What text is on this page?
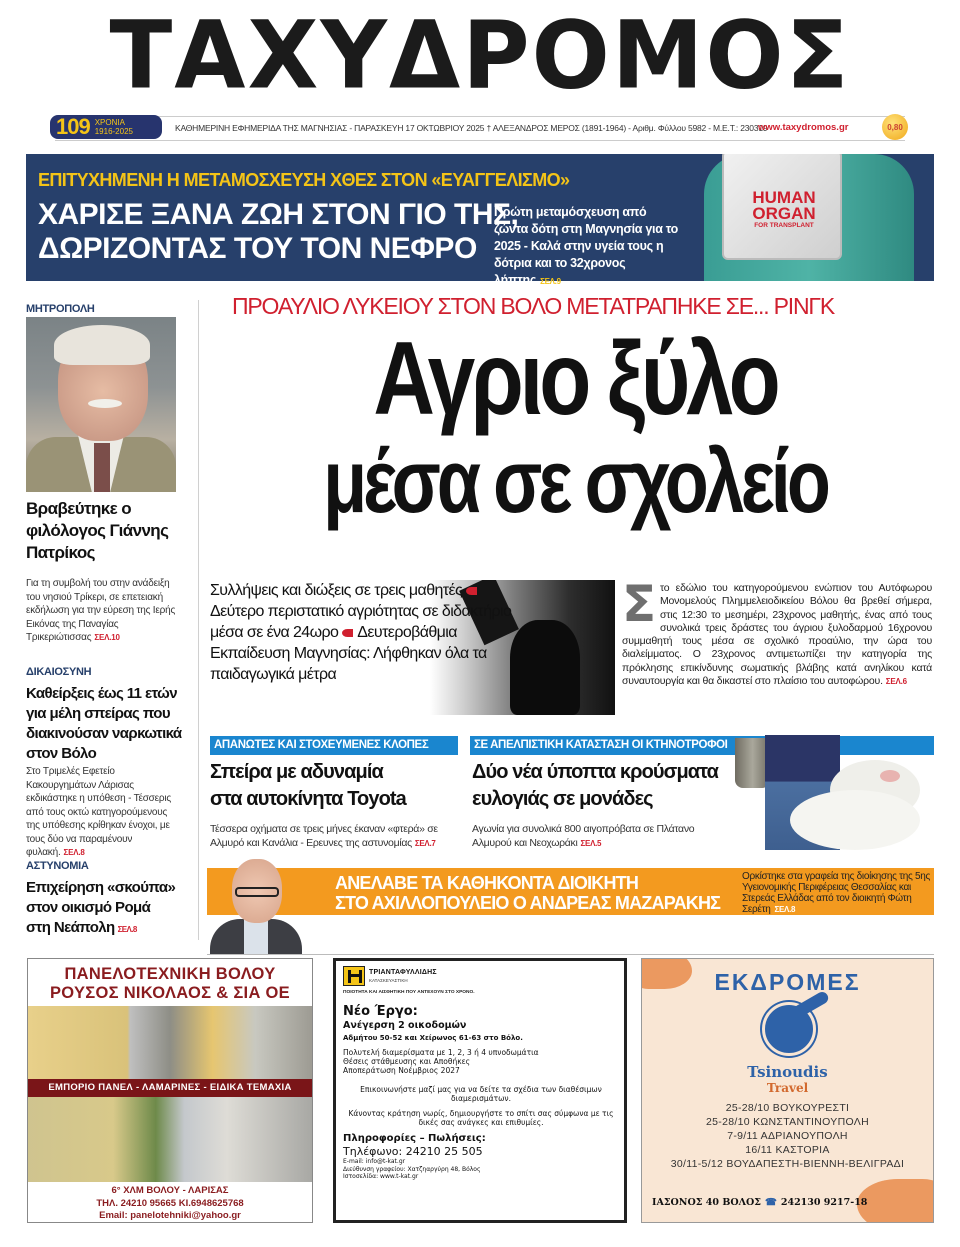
ΤΑΧΥΔΡΟΜΟΣ
109 ΧΡΟΝΙΑ
1916-2025	ΚΑΘΗΜΕΡΙΝΗ ΕΦΗΜΕΡΙΔΑ ΤΗΣ ΜΑΓΝΗΣΙΑΣ - ΠΑΡΑΣΚΕΥΗ 17 ΟΚΤΩΒΡΙΟΥ 2025 † ΑΛΕΞΑΝΔΡΟΣ ΜΕΡΟΣ (1891-1964) - Αριθμ. Φύλλου 5982 - Μ.Ε.Τ.: 230319
www.taxydromos.gr	0,80
ΕΠΙΤΥΧΗΜΕΝΗ Η ΜΕΤΑΜΟΣΧΕΥΣΗ ΧΘΕΣ ΣΤΟΝ «ΕΥΑΓΓΕΛΙΣΜΟ»
ΧΑΡΙΣΕ ΞΑΝΑ ΖΩΗ ΣΤΟΝ ΓΙΟ ΤΗΣ,
ΔΩΡΙΖΟΝΤΑΣ ΤΟΥ ΤΟΝ ΝΕΦΡΟ
Πρώτη μεταμόσχευση από ζώντα δότη στη Μαγνησία για το 2025 - Καλά στην υγεία τους η δότρια και το 32χρονος λήπτης ΣΕΛ.9
HUMAN
ORGAN
FOR TRANSPLANT
ΜΗΤΡΟΠΟΛΗ
Βραβεύτηκε ο φιλόλογος Γιάννης Πατρίκος
Για τη συμβολή του στην ανάδειξη του νησιού Τρίκερι, σε επετειακή εκδήλωση για την εύρεση της Ιερής Εικόνας της Παναγίας Τρικεριώτισσας ΣΕΛ.10
ΔΙΚΑΙΟΣΥΝΗ
Καθείρξεις έως 11 ετών για μέλη σπείρας που διακινούσαν ναρκωτικά στον Βόλο
Στο Τριμελές Εφετείο Κακουργημάτων Λάρισας εκδικάστηκε η υπόθεση - Τέσσερις από τους οκτώ κατηγορούμενους της υπόθεσης κρίθηκαν ένοχοι, με τους δύο να παραμένουν φυλακή. ΣΕΛ.8
ΑΣΤΥΝΟΜΙΑ
Επιχείρηση «σκούπα» στον οικισμό Ρομά στη Νεάπολη ΣΕΛ.8
ΠΡΟΑΥΛΙΟ ΛΥΚΕΙΟΥ ΣΤΟΝ ΒΟΛΟ ΜΕΤΑΤΡΑΠΗΚΕ ΣΕ... ΡΙΝΓΚ
Αγριο ξύλο
μέσα σε σχολείο
Συλλήψεις και διώξεις σε τρεις μαθητέςΔεύτερο περιστατικό αγριότητας σε διδακτήριο μέσα σε ένα 24ωρο Δευτεροβάθμια Εκπαίδευση Μαγνησίας: Λήφθηκαν όλα τα παιδαγωγικά μέτρα
Στο εδώλιο του κατηγορούμενου ενώπιον του Αυτόφωρου Μονομελούς Πλημμελειοδικείου Βόλου θα βρεθεί σήμερα, στις 12:30 το μεσημέρι, 23χρονος μαθητής, ένας από τους συνολικά τρεις δράστες του άγριου ξυλοδαρμού 16χρονου συμμαθητή τους μέσα σε σχολικό προαύλιο, την ώρα του διαλείμματος. Ο 23χρονος αντιμετωπίζει την κατηγορία της πρόκλησης επικίνδυνης σωματικής βλάβης κατά ανηλίκου κατά συναυτουργία και θα δικαστεί στο πλαίσιο του αυτοφώρου. ΣΕΛ.6
ΑΠΑΝΩΤΕΣ ΚΑΙ ΣΤΟΧΕΥΜΕΝΕΣ ΚΛΟΠΕΣ
Σπείρα με αδυναμία
στα αυτοκίνητα Toyota
Τέσσερα οχήματα σε τρεις μήνες έκαναν «φτερά» σε Αλμυρό και Κανάλια - Ερευνες της αστυνομίας ΣΕΛ.7
ΣΕ ΑΠΕΛΠΙΣΤΙΚΗ ΚΑΤΑΣΤΑΣΗ ΟΙ ΚΤΗΝΟΤΡΟΦΟΙ
Δύο νέα ύποπτα κρούσματα
ευλογιάς σε μονάδες
Αγωνία για συνολικά 800 αιγοπρόβατα σε Πλάτανο Αλμυρού και Νεοχωράκι ΣΕΛ.5
ΑΝΕΛΑΒΕ ΤΑ ΚΑΘΗΚΟΝΤΑ ΔΙΟΙΚΗΤΗ
ΣΤΟ ΑΧΙΛΛΟΠΟΥΛΕΙΟ Ο ΑΝΔΡΕΑΣ ΜΑΖΑΡΑΚΗΣ
Ορκίστηκε στα γραφεία της διοίκησης της 5ης Υγειονομικής Περιφέρειας Θεσσαλίας και Στερεάς Ελλάδας από τον διοικητή Φώτη Σερέτη ΣΕΛ.8
ΠΑΝΕΛΟΤΕΧΝΙΚΗ ΒΟΛΟΥ
ΡΟΥΣΟΣ ΝΙΚΟΛΑΟΣ & ΣΙΑ ΟΕ
ΕΜΠΟΡΙΟ ΠΑΝΕΛ - ΛΑΜΑΡΙΝΕΣ - ΕΙΔΙΚΑ ΤΕΜΑΧΙΑ
6° ΧΛΜ ΒΟΛΟΥ - ΛΑΡΙΣΑΣ
ΤΗΛ. 24210 95665 ΚΙ.6948625768
Email: panelotehniki@yahoo.gr
ΤΡΙΑΝΤΑΦΥΛΛΙΔΗΣ
ΚΑΤΑΣΚΕΥΑΣΤΙΚΗ
ΠΟΙΟΤΗΤΑ ΚΑΙ ΑΙΣΘΗΤΙΚΗ ΠΟΥ ΑΝΤΕΧΟΥΝ ΣΤΟ ΧΡΟΝΟ.
Νέο Έργο:
Ανέγερση 2 οικοδομών
Αδμήτου 50-52 και Χείρωνος 61-63 στο Βόλο.
Πολυτελή διαμερίσματα με 1, 2, 3 ή 4 υπνοδωμάτια
Θέσεις στάθμευσης και Αποθήκες
Αποπεράτωση Νοέμβριος 2027
Επικοινωνήστε μαζί μας για να δείτε τα σχέδια των διαθέσιμων διαμερισμάτων.
Κάνοντας κράτηση νωρίς, δημιουργήστε το σπίτι σας σύμφωνα με τις δικές σας ανάγκες και επιθυμίες.
Πληροφορίες – Πωλήσεις:
Τηλέφωνο: 24210 25 505
E-mail: info@t-kat.gr
Διεύθυνση γραφείου: Χατζηαργύρη 48, Βόλος
Ιστοσελίδα: www.t-kat.gr
ΕΚΔΡΟΜΕΣ
Tsinoudis
Travel
25-28/10 ΒΟΥΚΟΥΡΕΣΤΙ
25-28/10 ΚΩΝΣΤΑΝΤΙΝΟΥΠΟΛΗ
7-9/11 ΑΔΡΙΑΝΟΥΠΟΛΗ
16/11 ΚΑΣΤΟΡΙΑ
30/11-5/12 ΒΟΥΔΑΠΕΣΤΗ-ΒΙΕΝΝΗ-ΒΕΛΙΓΡΑΔΙ
ΙΑΣΟΝΟΣ 40 ΒΟΛΟΣ ☎ 242130 9217-18
